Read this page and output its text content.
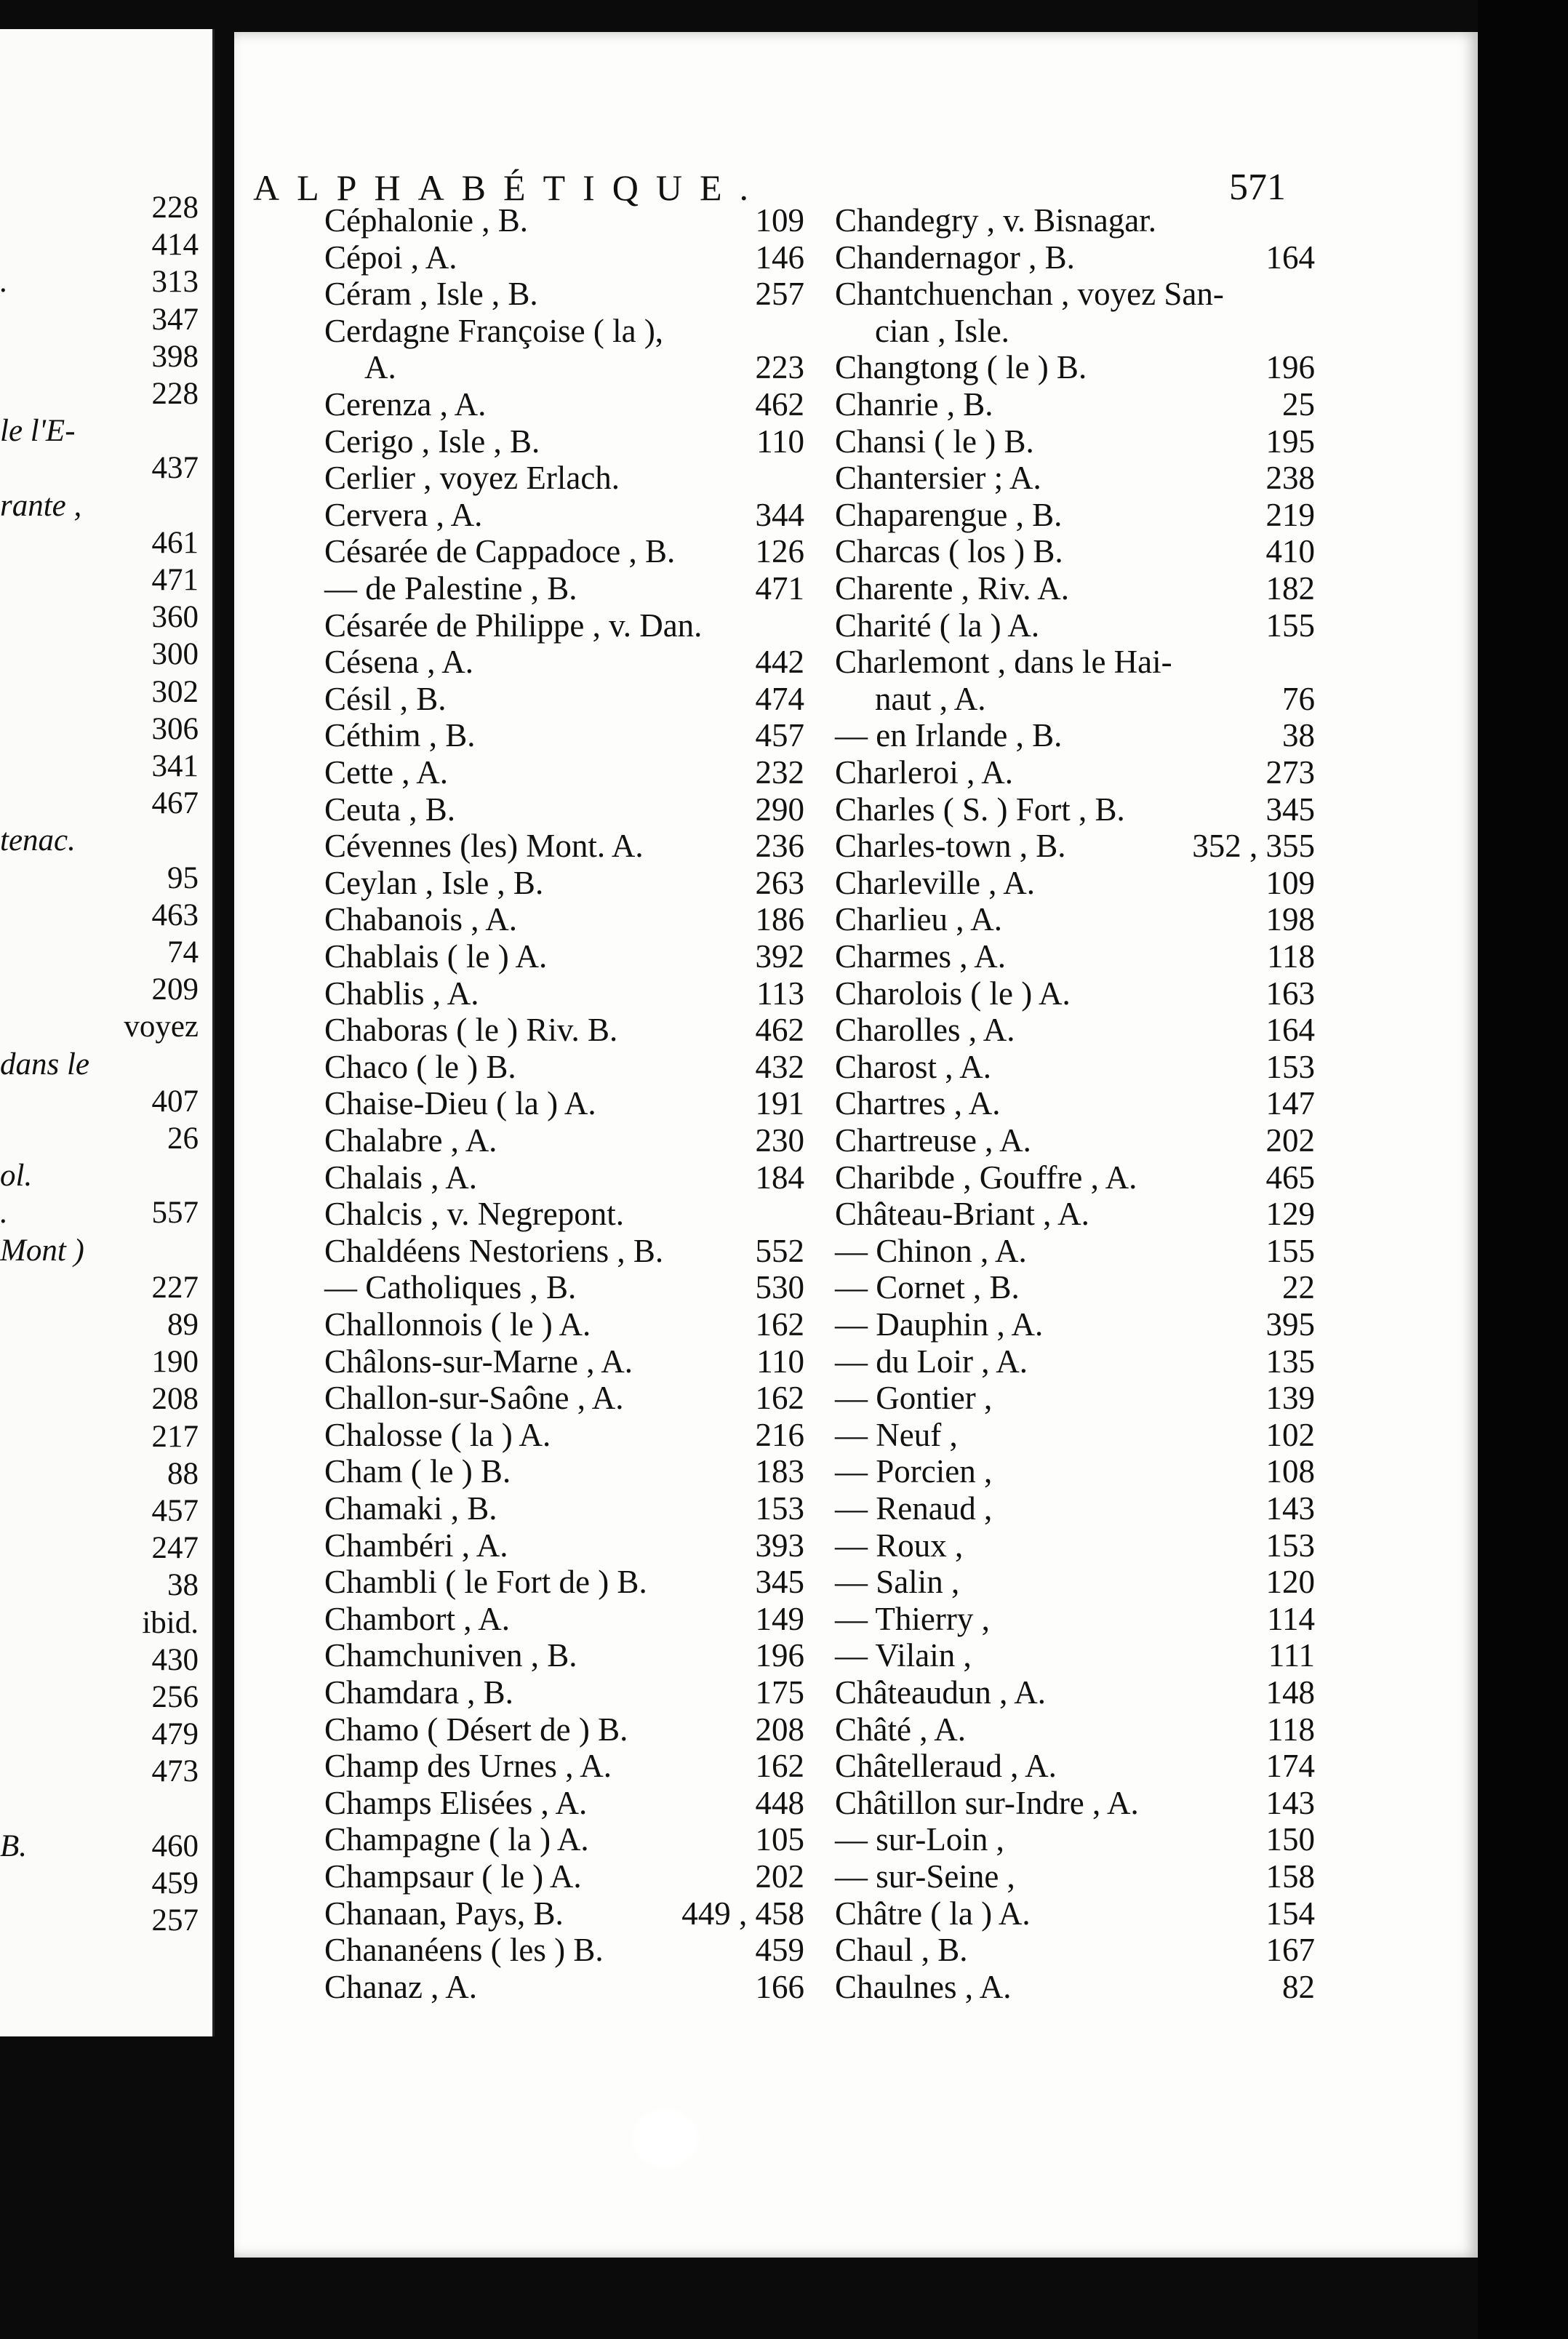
228
414
.	313
347
398
228
le l'E-
437
rante ,
461
471
360
300
302
306
341
467
tenac.
95
463
74
209
voyez
dans le
407
26
ol.
.	557
Mont )
227
89
190
208
217
88
457
247
38
ibid.
430
256
479
473
B.	460
459
257
ALPHABÉTIQUE.	571
Céphalonie , B.	109
Cépoi , A.	146
Céram , Isle , B.	257
Cerdagne Françoise ( la ),
A.	223
Cerenza , A.	462
Cerigo , Isle , B.	110
Cerlier , voyez Erlach.
Cervera , A.	344
Césarée de Cappadoce , B. 126
— de Palestine , B.	471
Césarée de Philippe , v. Dan.
Césena , A.	442
Césil , B.	474
Céthim , B.	457
Cette , A.	232
Ceuta , B.	290
Cévennes (les) Mont. A.	236
Ceylan , Isle , B.	263
Chabanois , A.	186
Chablais ( le ) A.	392
Chablis , A.	113
Chaboras ( le ) Riv. B.	462
Chaco ( le ) B.	432
Chaise-Dieu ( la ) A.	191
Chalabre , A.	230
Chalais , A.	184
Chalcis , v. Negrepont.
Chaldéens Nestoriens , B.	552
— Catholiques , B.	530
Challonnois ( le ) A.	162
Châlons-sur-Marne , A.	110
Challon-sur-Saône , A.	162
Chalosse ( la ) A.	216
Cham ( le ) B.	183
Chamaki , B.	153
Chambéri , A.	393
Chambli ( le Fort de ) B.	345
Chambort , A.	149
Chamchuniven , B.	196
Chamdara , B.	175
Chamo ( Désert de ) B.	208
Champ des Urnes , A.	162
Champs Elisées , A.	448
Champagne ( la ) A.	105
Champsaur ( le ) A.	202
Chanaan, Pays, B.	449 , 458
Chananéens ( les ) B.	459
Chanaz , A.	166
Chandegry , v. Bisnagar.
Chandernagor , B.	164
Chantchuenchan , voyez San-
cian , Isle.
Changtong ( le ) B.	196
Chanrie , B.	25
Chansi ( le ) B.	195
Chantersier ; A.	238
Chaparengue , B.	219
Charcas ( los ) B.	410
Charente , Riv. A.	182
Charité ( la ) A.	155
Charlemont , dans le Hai-
naut , A.	76
— en Irlande , B.	38
Charleroi , A.	273
Charles ( S. ) Fort , B.	345
Charles-town , B.	352 , 355
Charleville , A.	109
Charlieu , A.	198
Charmes , A.	118
Charolois ( le ) A.	163
Charolles , A.	164
Charost , A.	153
Chartres , A.	147
Chartreuse , A.	202
Charibde , Gouffre , A.	465
Château-Briant , A.	129
— Chinon , A.	155
— Cornet , B.	22
— Dauphin , A.	395
— du Loir , A.	135
— Gontier ,	139
— Neuf ,	102
— Porcien ,	108
— Renaud ,	143
— Roux ,	153
— Salin ,	120
— Thierry ,	114
— Vilain ,	111
Châteaudun , A.	148
Châté , A.	118
Châtelleraud , A.	174
Châtillon sur-Indre , A.	143
— sur-Loin ,	150
— sur-Seine ,	158
Châtre ( la ) A.	154
Chaul , B.	167
Chaulnes , A.	82
